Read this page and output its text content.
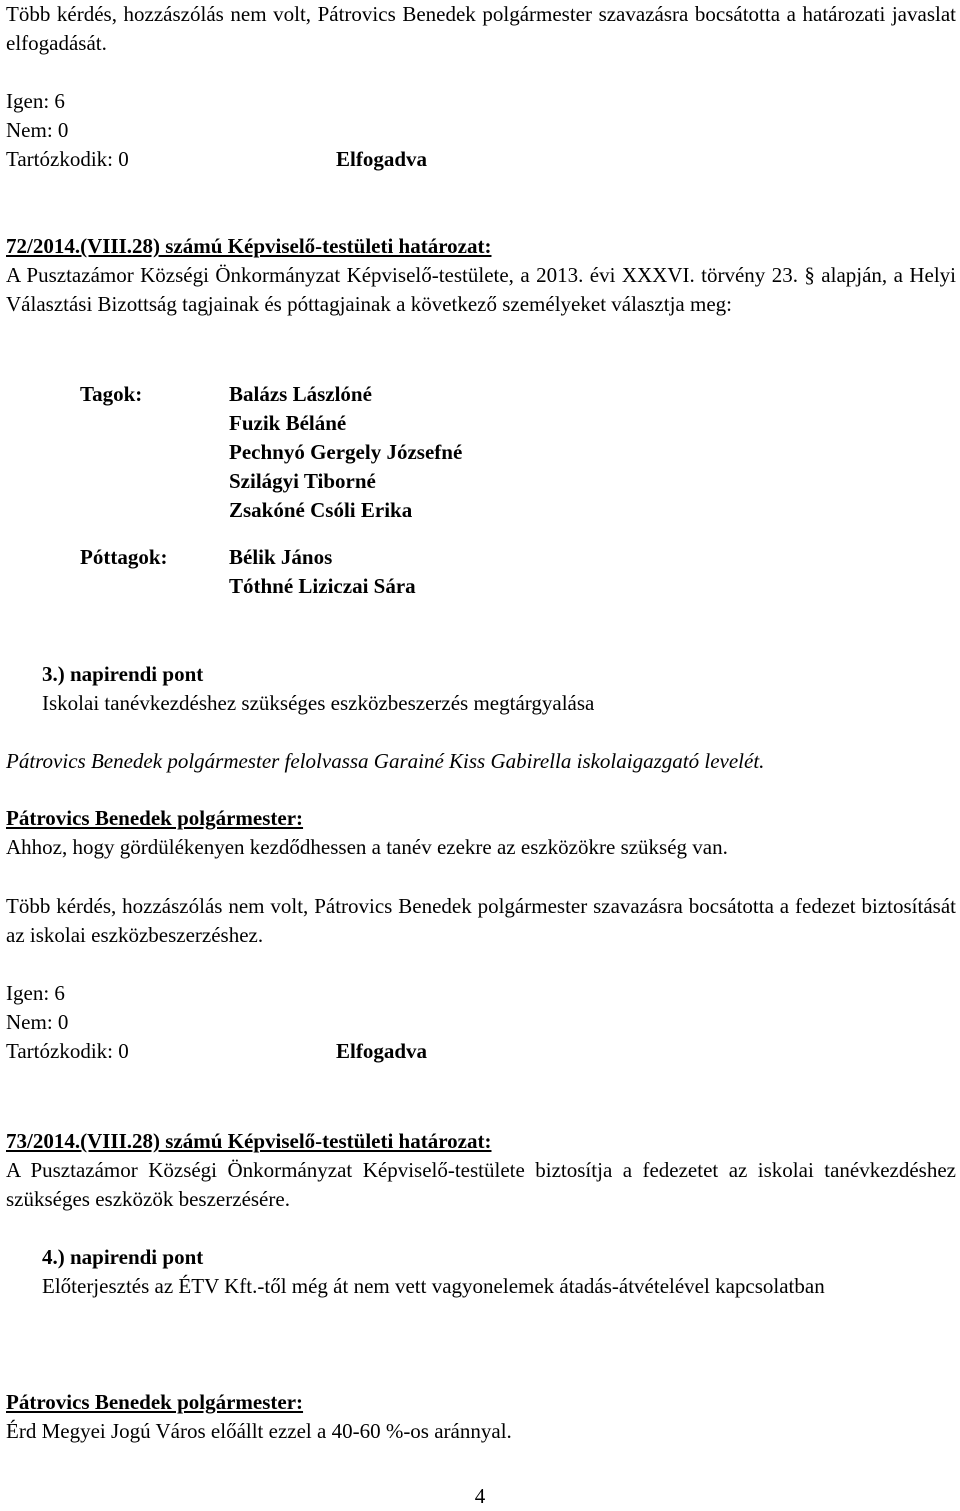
Több kérdés, hozzászólás nem volt, Pátrovics Benedek polgármester szavazásra bocsátotta a határozati javaslat elfogadását.
Igen: 6
Nem: 0
Tartózkodik: 0	Elfogadva
72/2014.(VIII.28) számú Képviselő-testületi határozat:
A Pusztazámor Községi Önkormányzat Képviselő-testülete, a 2013. évi XXXVI. törvény 23. § alapján, a Helyi Választási Bizottság tagjainak és póttagjainak a következő személyeket választja meg:
Tagok:	Balázs Lászlóné
Fuzik Béláné
Pechnyó Gergely Józsefné
Szilágyi Tiborné
Zsakóné Csóli Erika
Póttagok:	Bélik János
Tóthné Liziczai Sára
3.) napirendi pont
Iskolai tanévkezdéshez szükséges eszközbeszerzés megtárgyalása
Pátrovics Benedek polgármester felolvassa Garainé Kiss Gabirella iskolaigazgató levelét.
Pátrovics Benedek polgármester:
Ahhoz, hogy gördülékenyen kezdődhessen a tanév ezekre az eszközökre szükség van.
Több kérdés, hozzászólás nem volt, Pátrovics Benedek polgármester szavazásra bocsátotta a fedezet biztosítását az iskolai eszközbeszerzéshez.
Igen: 6
Nem: 0
Tartózkodik: 0	Elfogadva
73/2014.(VIII.28) számú Képviselő-testületi határozat:
A Pusztazámor Községi Önkormányzat Képviselő-testülete biztosítja a fedezetet az iskolai tanévkezdéshez szükséges eszközök beszerzésére.
4.) napirendi pont
Előterjesztés az ÉTV Kft.-től még át nem vett vagyonelemek átadás-átvételével kapcsolatban
Pátrovics Benedek polgármester:
Érd Megyei Jogú Város előállt ezzel a 40-60 %-os aránnyal.
4
